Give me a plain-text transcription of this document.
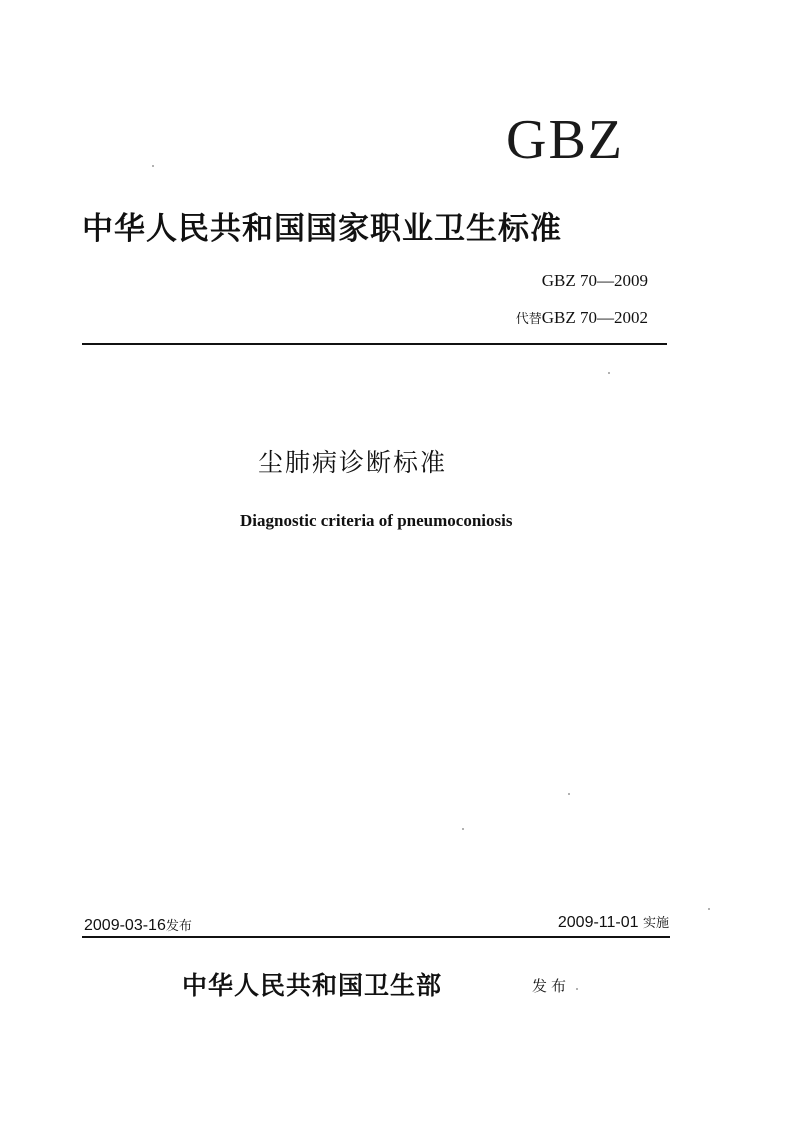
GBZ
中华人民共和国国家职业卫生标准
GBZ 70—2009
代替GBZ 70—2002
尘肺病诊断标准
Diagnostic criteria of pneumoconiosis
2009-03-16发布	2009-11-01 实施
中华人民共和国卫生部	发布
